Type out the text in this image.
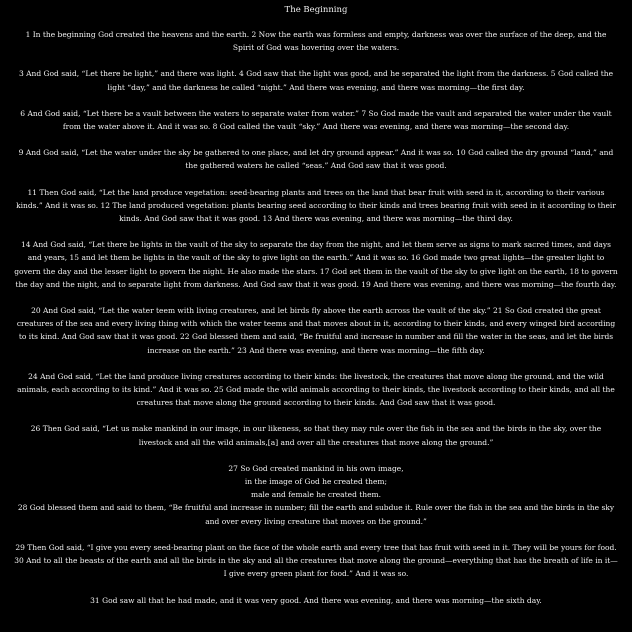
The Beginning

1 In the beginning God created the heavens and the earth. 2 Now the earth was formless and empty, darkness was over the surface of the deep, and the Spirit of God was hovering over the waters.

3 And God said, “Let there be light,” and there was light. 4 God saw that the light was good, and he separated the light from the darkness. 5 God called the light “day,” and the darkness he called “night.” And there was evening, and there was morning—the first day.

6 And God said, “Let there be a vault between the waters to separate water from water.” 7 So God made the vault and separated the water under the vault from the water above it. And it was so. 8 God called the vault “sky.” And there was evening, and there was morning—the second day.

9 And God said, “Let the water under the sky be gathered to one place, and let dry ground appear.” And it was so. 10 God called the dry ground “land,” and the gathered waters he called “seas.” And God saw that it was good.

11 Then God said, “Let the land produce vegetation: seed-bearing plants and trees on the land that bear fruit with seed in it, according to their various kinds.” And it was so. 12 The land produced vegetation: plants bearing seed according to their kinds and trees bearing fruit with seed in it according to their kinds. And God saw that it was good. 13 And there was evening, and there was morning—the third day.

14 And God said, “Let there be lights in the vault of the sky to separate the day from the night, and let them serve as signs to mark sacred times, and days and years, 15 and let them be lights in the vault of the sky to give light on the earth.” And it was so. 16 God made two great lights—the greater light to govern the day and the lesser light to govern the night. He also made the stars. 17 God set them in the vault of the sky to give light on the earth, 18 to govern the day and the night, and to separate light from darkness. And God saw that it was good. 19 And there was evening, and there was morning—the fourth day.

20 And God said, “Let the water teem with living creatures, and let birds fly above the earth across the vault of the sky.” 21 So God created the great creatures of the sea and every living thing with which the water teems and that moves about in it, according to their kinds, and every winged bird according to its kind. And God saw that it was good. 22 God blessed them and said, “Be fruitful and increase in number and fill the water in the seas, and let the birds increase on the earth.” 23 And there was evening, and there was morning—the fifth day.

24 And God said, “Let the land produce living creatures according to their kinds: the livestock, the creatures that move along the ground, and the wild animals, each according to its kind.” And it was so. 25 God made the wild animals according to their kinds, the livestock according to their kinds, and all the creatures that move along the ground according to their kinds. And God saw that it was good.

26 Then God said, “Let us make mankind in our image, in our likeness, so that they may rule over the fish in the sea and the birds in the sky, over the livestock and all the wild animals,[a] and over all the creatures that move along the ground.”

27 So God created mankind in his own image,
in the image of God he created them;
male and female he created them.

28 God blessed them and said to them, “Be fruitful and increase in number; fill the earth and subdue it. Rule over the fish in the sea and the birds in the sky and over every living creature that moves on the ground.”

29 Then God said, “I give you every seed-bearing plant on the face of the whole earth and every tree that has fruit with seed in it. They will be yours for food. 30 And to all the beasts of the earth and all the birds in the sky and all the creatures that move along the ground—everything that has the breath of life in it—I give every green plant for food.” And it was so.

31 God saw all that he had made, and it was very good. And there was evening, and there was morning—the sixth day.
